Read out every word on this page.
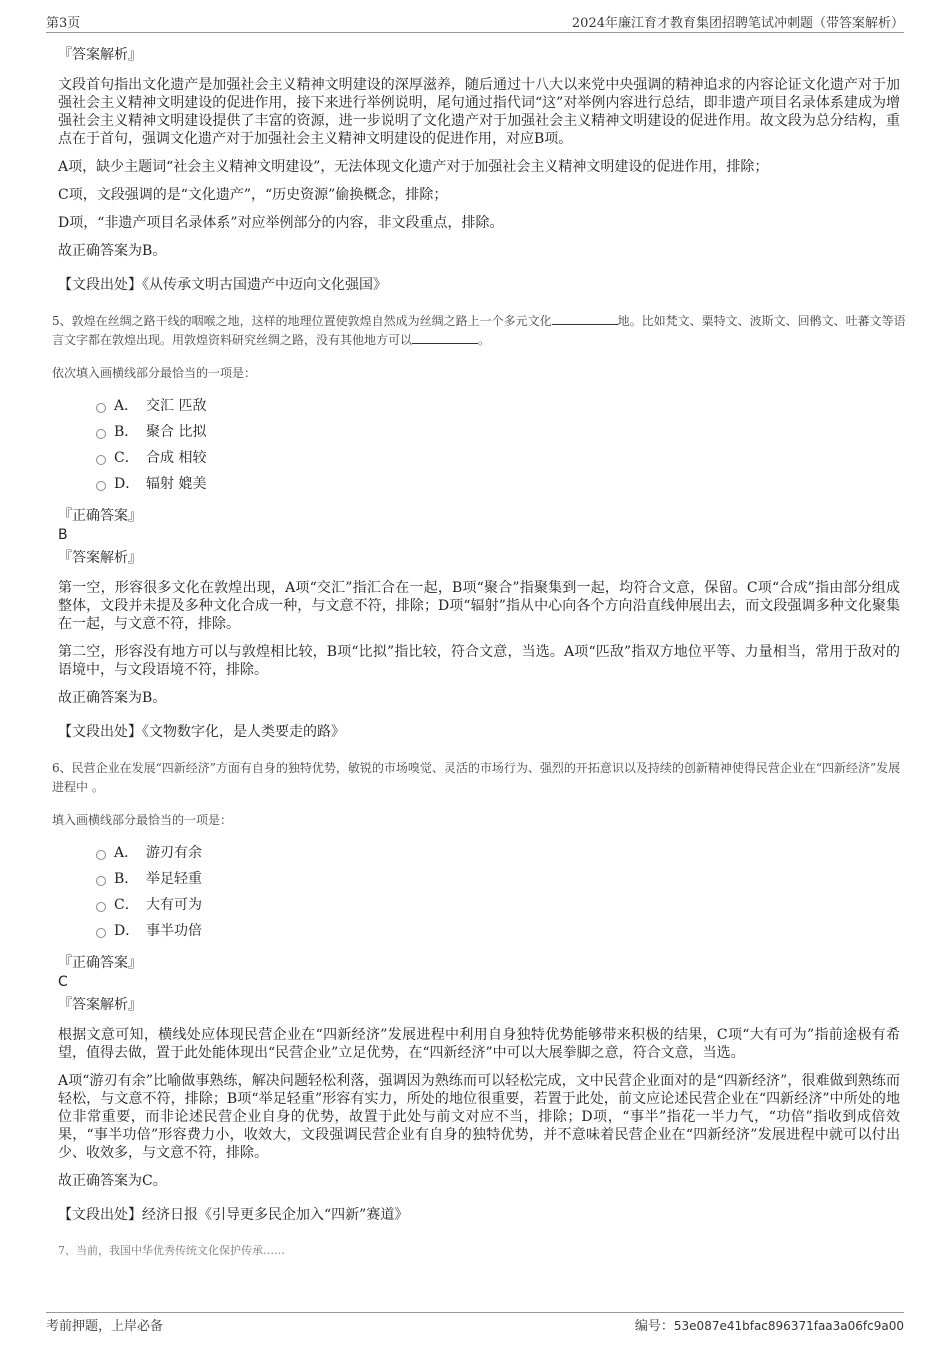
第3页	2024年廉江育才教育集团招聘笔试冲刺题（带答案解析）
『答案解析』
文段首句指出文化遗产是加强社会主义精神文明建设的深厚滋养，随后通过十八大以来党中央强调的精神追求的内容论证文化遗产对于加强社会主义精神文明建设的促进作用，接下来进行举例说明，尾句通过指代词“这”对举例内容进行总结，即非遗产项目名录体系建成为增强社会主义精神文明建设提供了丰富的资源，进一步说明了文化遗产对于加强社会主义精神文明建设的促进作用。故文段为总分结构，重点在于首句，强调文化遗产对于加强社会主义精神文明建设的促进作用，对应B项。
A项，缺少主题词“社会主义精神文明建设”，无法体现文化遗产对于加强社会主义精神文明建设的促进作用，排除；
C项，文段强调的是“文化遗产”，“历史资源”偷换概念，排除；
D项，“非遗产项目名录体系”对应举例部分的内容，非文段重点，排除。
故正确答案为B。
【文段出处】《从传承文明古国遗产中迈向文化强国》
5、敦煌在丝绸之路干线的咽喉之地，这样的地理位置使敦煌自然成为丝绸之路上一个多元文化	地。比如梵文、粟特文、波斯文、回鹘文、吐蕃文等语言文字都在敦煌出现。用敦煌资料研究丝绸之路，没有其他地方可以	。
依次填入画横线部分最恰当的一项是：
A． 交汇 匹敌
B． 聚合 比拟
C． 合成 相较
D． 辐射 媲美
『正确答案』
B
『答案解析』
第一空，形容很多文化在敦煌出现，A项“交汇”指汇合在一起，B项“聚合”指聚集到一起，均符合文意，保留。C项“合成”指由部分组成整体，文段并未提及多种文化合成一种，与文意不符，排除；D项“辐射”指从中心向各个方向沿直线伸展出去，而文段强调多种文化聚集在一起，与文意不符，排除。
第二空，形容没有地方可以与敦煌相比较，B项“比拟”指比较，符合文意，当选。A项“匹敌”指双方地位平等、力量相当，常用于敌对的语境中，与文段语境不符，排除。
故正确答案为B。
【文段出处】《文物数字化，是人类要走的路》
6、民营企业在发展“四新经济”方面有自身的独特优势，敏锐的市场嗅觉、灵活的市场行为、强烈的开拓意识以及持续的创新精神使得民营企业在“四新经济”发展进程中 。
填入画横线部分最恰当的一项是：
A． 游刃有余
B． 举足轻重
C． 大有可为
D． 事半功倍
『正确答案』
C
『答案解析』
根据文意可知，横线处应体现民营企业在“四新经济”发展进程中利用自身独特优势能够带来积极的结果，C项“大有可为”指前途极有希望，值得去做，置于此处能体现出“民营企业”立足优势，在“四新经济”中可以大展拳脚之意，符合文意，当选。
A项“游刃有余”比喻做事熟练，解决问题轻松利落，强调因为熟练而可以轻松完成，文中民营企业面对的是“四新经济”，很难做到熟练而轻松，与文意不符，排除；B项“举足轻重”形容有实力，所处的地位很重要，若置于此处，前文应论述民营企业在“四新经济”中所处的地位非常重要，而非论述民营企业自身的优势，故置于此处与前文对应不当，排除；D项，“事半”指花一半力气，“功倍”指收到成倍效果，“事半功倍”形容费力小，收效大，文段强调民营企业有自身的独特优势，并不意味着民营企业在“四新经济”发展进程中就可以付出少、收效多，与文意不符，排除。
故正确答案为C。
【文段出处】经济日报《引导更多民企加入“四新”赛道》
7、当前，我国中华优秀传统文化保护传承……
考前押题，上岸必备	编号：53e087e41bfac896371faa3a06fc9a00
